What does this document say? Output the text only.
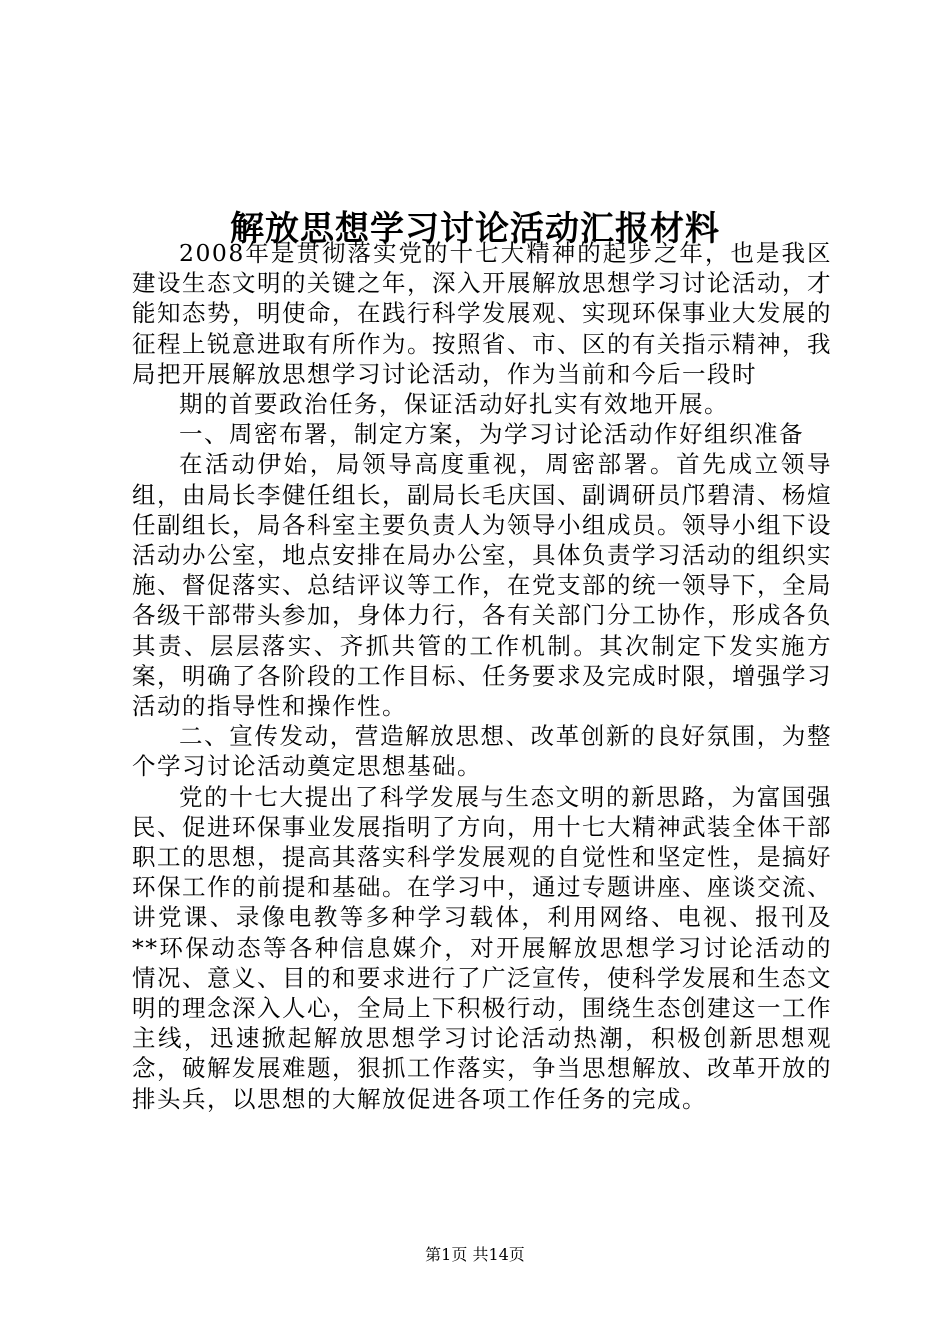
解放思想学习讨论活动汇报材料

2008年是贯彻落实党的十七大精神的起步之年，也是我区建设生态文明的关键之年，深入开展解放思想学习讨论活动，才能知态势，明使命，在践行科学发展观、实现环保事业大发展的征程上锐意进取有所作为。按照省、市、区的有关指示精神，我局把开展解放思想学习讨论活动，作为当前和今后一段时

期的首要政治任务，保证活动好扎实有效地开展。

一、周密布署，制定方案，为学习讨论活动作好组织准备

在活动伊始，局领导高度重视，周密部署。首先成立领导组，由局长李健任组长，副局长毛庆国、副调研员邝碧清、杨煊任副组长，局各科室主要负责人为领导小组成员。领导小组下设活动办公室，地点安排在局办公室，具体负责学习活动的组织实施、督促落实、总结评议等工作，在党支部的统一领导下，全局各级干部带头参加，身体力行，各有关部门分工协作，形成各负其责、层层落实、齐抓共管的工作机制。其次制定下发实施方案，明确了各阶段的工作目标、任务要求及完成时限，增强学习活动的指导性和操作性。

二、宣传发动，营造解放思想、改革创新的良好氛围，为整个学习讨论活动奠定思想基础。

党的十七大提出了科学发展与生态文明的新思路，为富国强民、促进环保事业发展指明了方向，用十七大精神武装全体干部职工的思想，提高其落实科学发展观的自觉性和坚定性，是搞好环保工作的前提和基础。在学习中，通过专题讲座、座谈交流、讲党课、录像电教等多种学习载体，利用网络、电视、报刊及**环保动态等各种信息媒介，对开展解放思想学习讨论活动的情况、意义、目的和要求进行了广泛宣传，使科学发展和生态文明的理念深入人心，全局上下积极行动，围绕生态创建这一工作主线，迅速掀起解放思想学习讨论活动热潮，积极创新思想观念，破解发展难题，狠抓工作落实，争当思想解放、改革开放的排头兵，以思想的大解放促进各项工作任务的完成。

第1页 共14页
